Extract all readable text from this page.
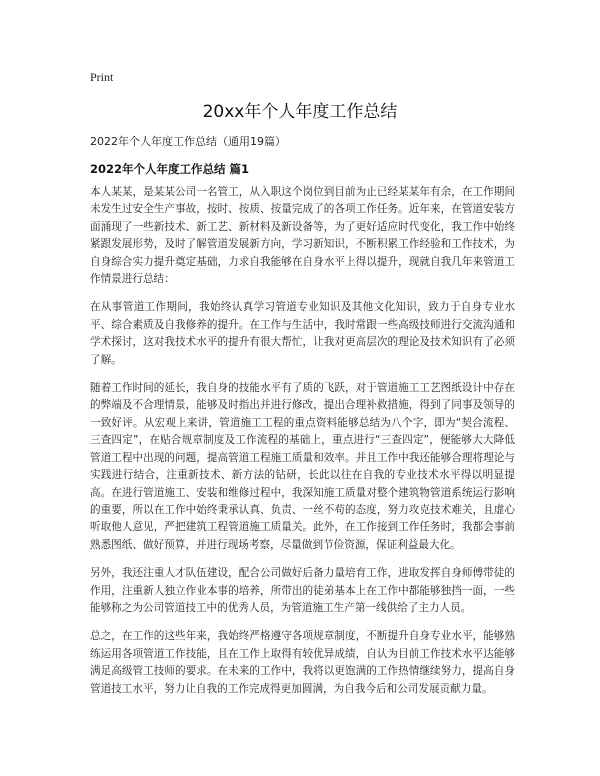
Print
20xx年个人年度工作总结
2022年个人年度工作总结（通用19篇）
2022年个人年度工作总结 篇1

本人某某，是某某公司一名管工，从入职这个岗位到目前为止已经某某年有余，在工作期间未发生过安全生产事故，按时、按质、按量完成了的各项工作任务。近年来，在管道安装方面涌现了一些新技术、新工艺、新材料及新设备等，为了更好适应时代变化，我工作中始终紧跟发展形势，及时了解管道发展新方向，学习新知识，不断积累工作经验和工作技术，为自身综合实力提升奠定基础，力求自我能够在自身水平上得以提升，现就自我几年来管道工作情景进行总结：

在从事管道工作期间，我始终认真学习管道专业知识及其他文化知识，致力于自身专业水平、综合素质及自我修养的提升。在工作与生活中，我时常跟一些高级技师进行交流沟通和学术探讨，这对我技术水平的提升有很大帮忙，让我对更高层次的理论及技术知识有了必须了解。

随着工作时间的延长，我自身的技能水平有了质的飞跃，对于管道施工工艺图纸设计中存在的弊端及不合理情景，能够及时指出并进行修改，提出合理补救措施，得到了同事及领导的一致好评。从宏观上来讲，管道施工工程的重点资料能够总结为八个字，即为“契合流程、三查四定”，在贴合规章制度及工作流程的基础上，重点进行“三查四定”，便能够大大降低管道工程中出现的问题，提高管道工程施工质量和效率。并且工作中我还能够合理将理论与实践进行结合，注重新技术、新方法的钻研，长此以往在自我的专业技术水平得以明显提高。在进行管道施工、安装和维修过程中，我深知施工质量对整个建筑物管道系统运行影响的重要，所以在工作中始终秉承认真、负责、一丝不苟的态度，努力攻克技术难关，且虚心听取他人意见，严把建筑工程管道施工质量关。此外，在工作接到工作任务时，我都会事前熟悉图纸、做好预算，并进行现场考察，尽量做到节俭资源，保证利益最大化。

另外，我还注重人才队伍建设，配合公司做好后备力量培育工作，进取发挥自身师傅带徒的作用，注重新人独立作业本事的培养，所带出的徒弟基本上在工作中都能够独挡一面，一些能够称之为公司管道技工中的优秀人员，为管道施工生产第一线供给了主力人员。

总之，在工作的这些年来，我始终严格遵守各项规章制度，不断提升自身专业水平，能够熟练运用各项管道工作技能，且在工作上取得有较优异成绩，自认为目前工作技术水平达能够满足高级管工技师的要求。在未来的工作中，我将以更饱满的工作热情继续努力，提高自身管道技工水平，努力让自我的工作完成得更加圆满，为自我今后和公司发展贡献力量。
